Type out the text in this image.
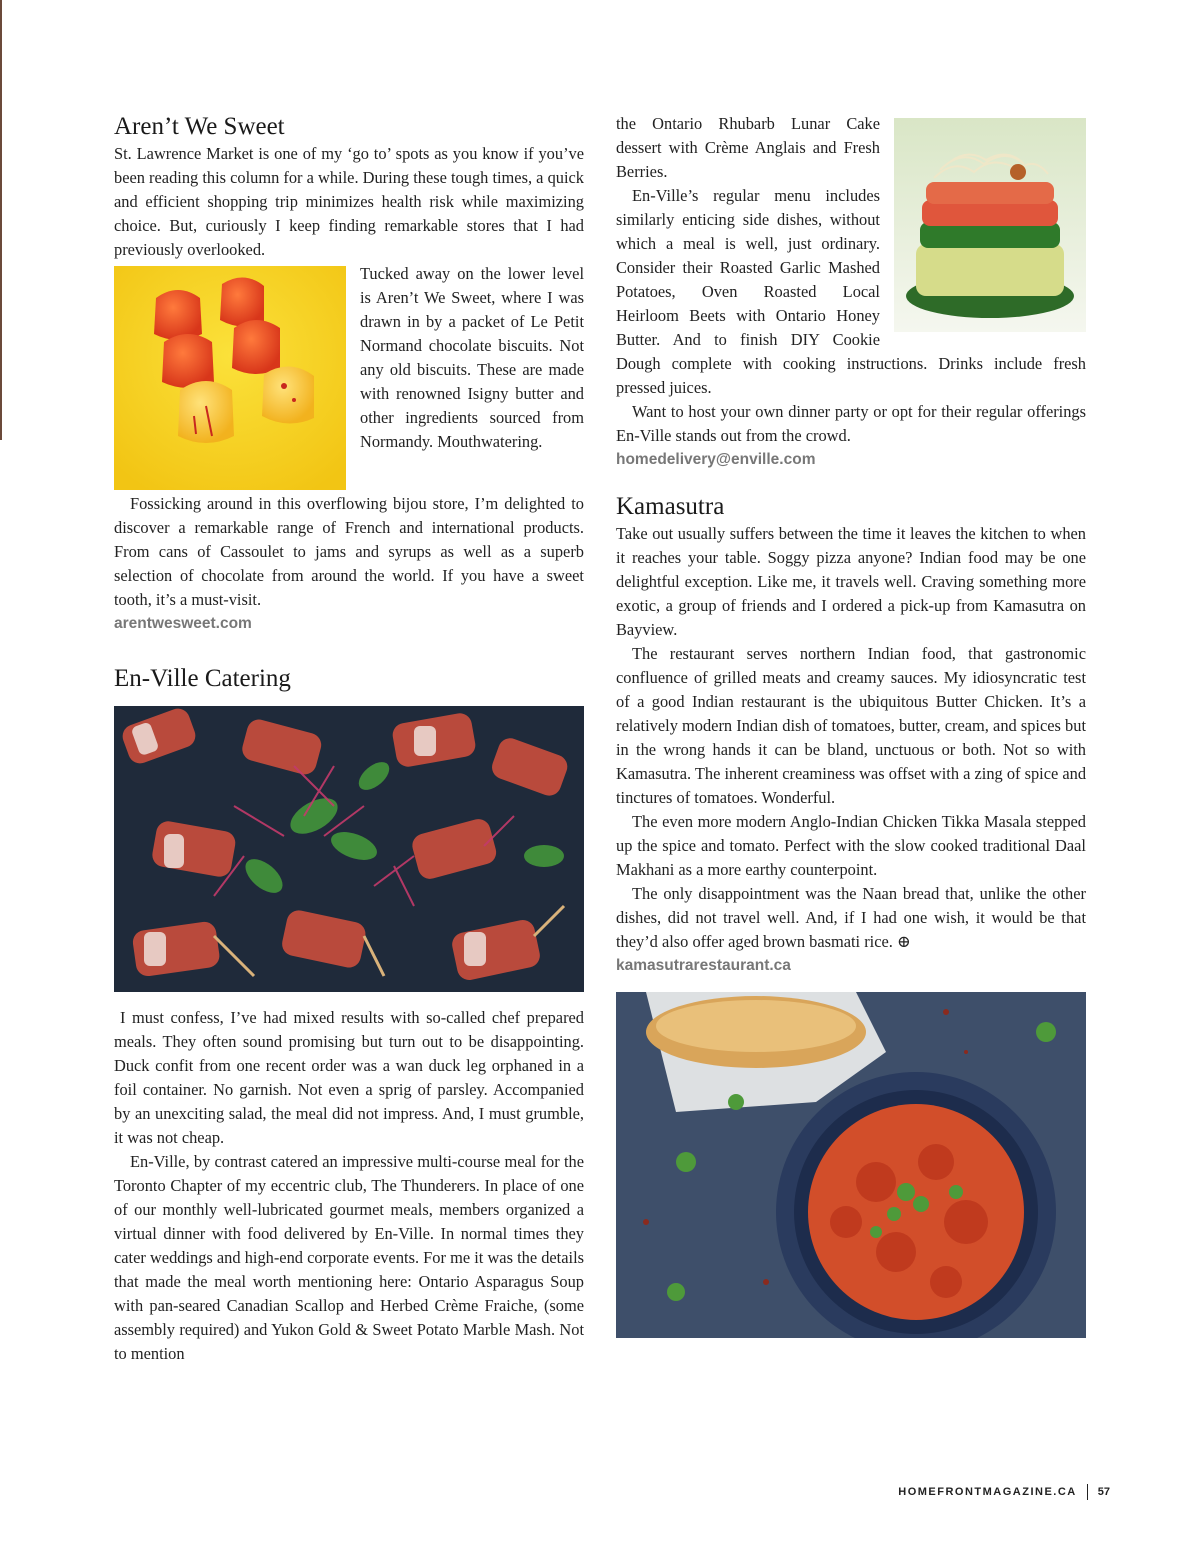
Aren’t We Sweet

St. Lawrence Market is one of my ‘go to’ spots as you know if you’ve been reading this column for a while. During these tough times, a quick and efficient shopping trip minimizes health risk while maximizing choice. But, curiously I keep finding remarkable stores that I had previously overlooked.

Tucked away on the lower level is Aren’t We Sweet, where I was drawn in by a packet of Le Petit Normand chocolate biscuits. Not any old biscuits. These are made with renowned Isigny butter and other ingredients sourced from Normandy. Mouthwatering.

Fossicking around in this overflowing bijou store, I’m delighted to discover a remarkable range of French and international products. From cans of Cassoulet to jams and syrups as well as a superb selection of chocolate from around the world. If you have a sweet tooth, it’s a must-visit.

arentwesweet.com
En-Ville Catering

I must confess, I’ve had mixed results with so-called chef prepared meals. They often sound promising but turn out to be disappointing. Duck confit from one recent order was a wan duck leg orphaned in a foil container. No garnish. Not even a sprig of parsley. Accompanied by an unexciting salad, the meal did not impress. And, I must grumble, it was not cheap.

En-Ville, by contrast catered an impressive multi-course meal for the Toronto Chapter of my eccentric club, The Thunderers. In place of one of our monthly well-lubricated gourmet meals, members organized a virtual dinner with food delivered by En-Ville. In normal times they cater weddings and high-end corporate events. For me it was the details that made the meal worth mentioning here: Ontario Asparagus Soup with pan-seared Canadian Scallop and Herbed Crème Fraiche, (some assembly required) and Yukon Gold & Sweet Potato Marble Mash. Not to mention

the Ontario Rhubarb Lunar Cake dessert with Crème Anglais and Fresh Berries.

En-Ville’s regular menu includes similarly enticing side dishes, without which a meal is well, just ordinary. Consider their Roasted Garlic Mashed Potatoes, Oven Roasted Local Heirloom Beets with Ontario Honey Butter. And to finish DIY Cookie Dough complete with cooking instructions. Drinks include fresh pressed juices.

Want to host your own dinner party or opt for their regular offerings En-Ville stands out from the crowd.

homedelivery@enville.com
Kamasutra

Take out usually suffers between the time it leaves the kitchen to when it reaches your table. Soggy pizza anyone? Indian food may be one delightful exception. Like me, it travels well. Craving something more exotic, a group of friends and I ordered a pick-up from Kamasutra on Bayview.

The restaurant serves northern Indian food, that gastronomic confluence of grilled meats and creamy sauces. My idiosyncratic test of a good Indian restaurant is the ubiquitous Butter Chicken. It’s a relatively modern Indian dish of tomatoes, butter, cream, and spices but in the wrong hands it can be bland, unctuous or both. Not so with Kamasutra. The inherent creaminess was offset with a zing of spice and tinctures of tomatoes. Wonderful.

The even more modern Anglo-Indian Chicken Tikka Masala stepped up the spice and tomato. Perfect with the slow cooked traditional Daal Makhani as a more earthy counterpoint.

The only disappointment was the Naan bread that, unlike the other dishes, did not travel well. And, if I had one wish, it would be that they’d also offer aged brown basmati rice. ⊕

kamasutrarestaurant.ca
HOMEFRONTMAGAZINE.CA 57
